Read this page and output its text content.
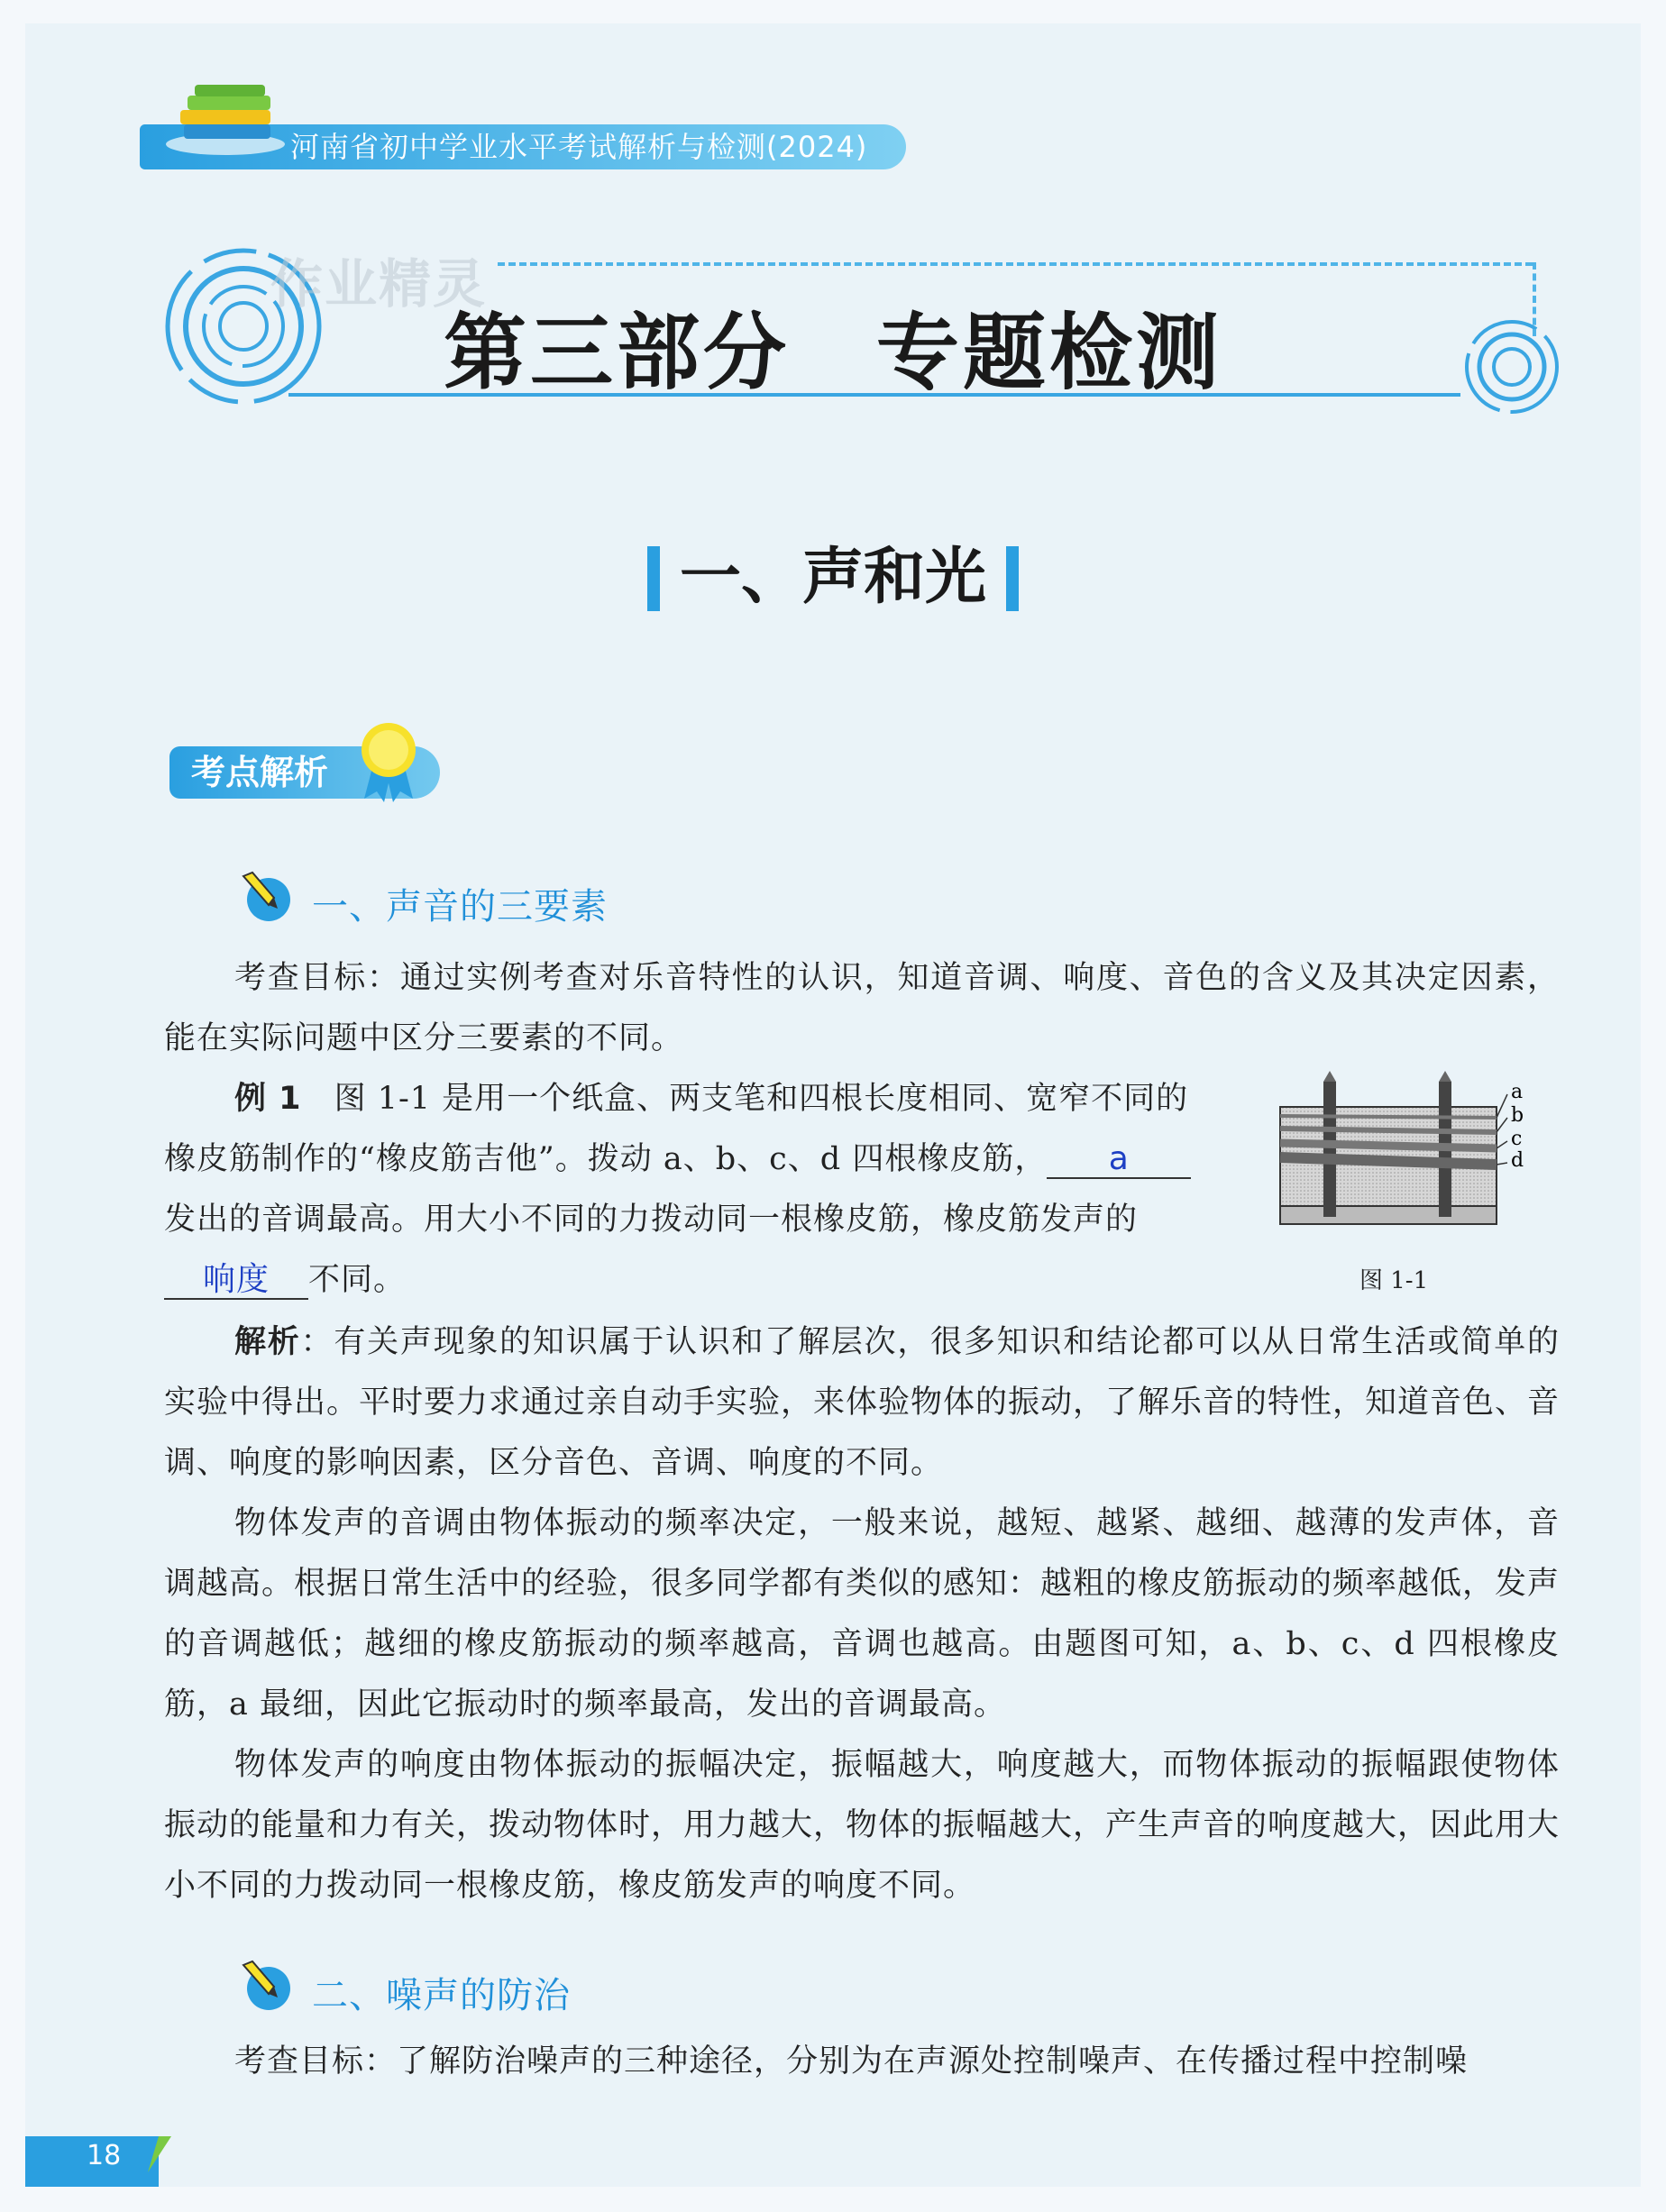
河南省初中学业水平考试解析与检测(2024)
作业精灵
第三部分　专题检测
一、声和光
考点解析
一、声音的三要素
考查目标：通过实例考查对乐音特性的认识，知道音调、响度、音色的含义及其决定因素，能在实际问题中区分三要素的不同。
例 1　 图 1-1 是用一个纸盒、两支笔和四根长度相同、宽窄不同的橡皮筋制作的“橡皮筋吉他”。拨动 a、b、c、d 四根橡皮筋， a发出的音调最高。用大小不同的力拨动同一根橡皮筋，橡皮筋发声的响度 不同。
a
b
c
d
图 1-1
解析：有关声现象的知识属于认识和了解层次，很多知识和结论都可以从日常生活或简单的实验中得出。平时要力求通过亲自动手实验，来体验物体的振动，了解乐音的特性，知道音色、音调、响度的影响因素，区分音色、音调、响度的不同。
物体发声的音调由物体振动的频率决定，一般来说，越短、越紧、越细、越薄的发声体，音调越高。根据日常生活中的经验，很多同学都有类似的感知：越粗的橡皮筋振动的频率越低，发声的音调越低；越细的橡皮筋振动的频率越高，音调也越高。由题图可知，a、b、c、d 四根橡皮筋，a 最细，因此它振动时的频率最高，发出的音调最高。
物体发声的响度由物体振动的振幅决定，振幅越大，响度越大，而物体振动的振幅跟使物体振动的能量和力有关，拨动物体时，用力越大，物体的振幅越大，产生声音的响度越大，因此用大小不同的力拨动同一根橡皮筋，橡皮筋发声的响度不同。
二、噪声的防治
考查目标：了解防治噪声的三种途径，分别为在声源处控制噪声、在传播过程中控制噪
18
